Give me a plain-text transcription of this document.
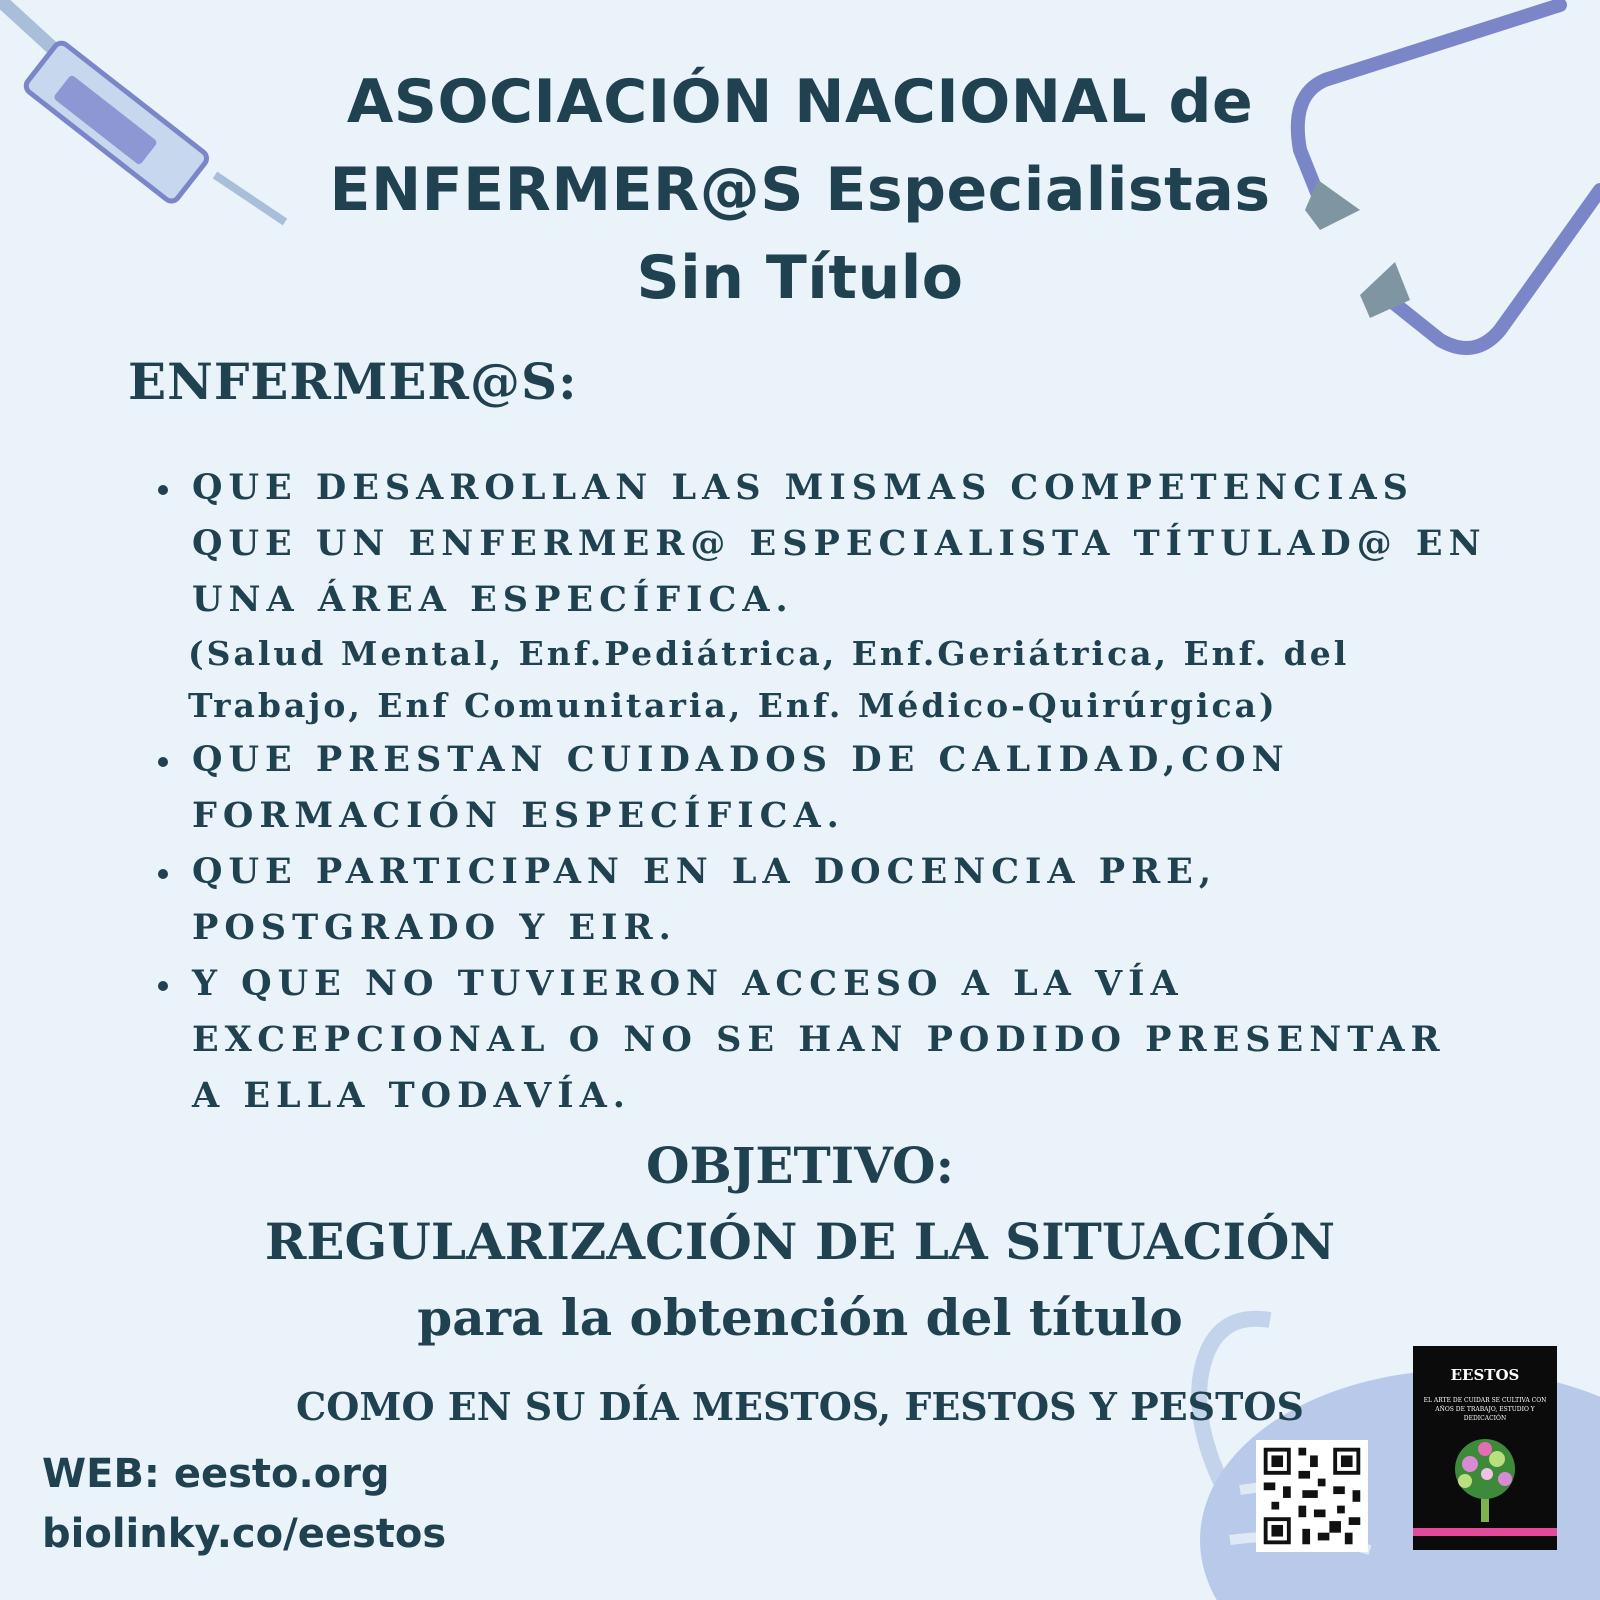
ASOCIACIÓN NACIONAL de
ENFERMER@S Especialistas
Sin Título
ENFERMER@S:
QUE DESAROLLAN LAS MISMAS COMPETENCIAS QUE UN ENFERMER@ ESPECIALISTA TÍTULAD@ EN UNA ÁREA ESPECÍFICA.
(Salud Mental, Enf.Pediátrica, Enf.Geriátrica, Enf. del Trabajo, Enf Comunitaria, Enf. Médico-Quirúrgica)
QUE PRESTAN CUIDADOS DE CALIDAD,CON FORMACIÓN ESPECÍFICA.
QUE PARTICIPAN EN LA DOCENCIA PRE, POSTGRADO Y EIR.
Y QUE NO TUVIERON ACCESO A LA VÍA EXCEPCIONAL O NO SE HAN PODIDO PRESENTAR A ELLA TODAVÍA.
OBJETIVO:
REGULARIZACIÓN DE LA SITUACIÓN
para la obtención del título
COMO EN SU DÍA MESTOS, FESTOS Y PESTOS
WEB: eesto.org
biolinky.co/eestos
EESTOS
EL ARTE DE CUIDAR SE CULTIVA CON AÑOS DE TRABAJO, ESTUDIO Y DEDICACIÓN
